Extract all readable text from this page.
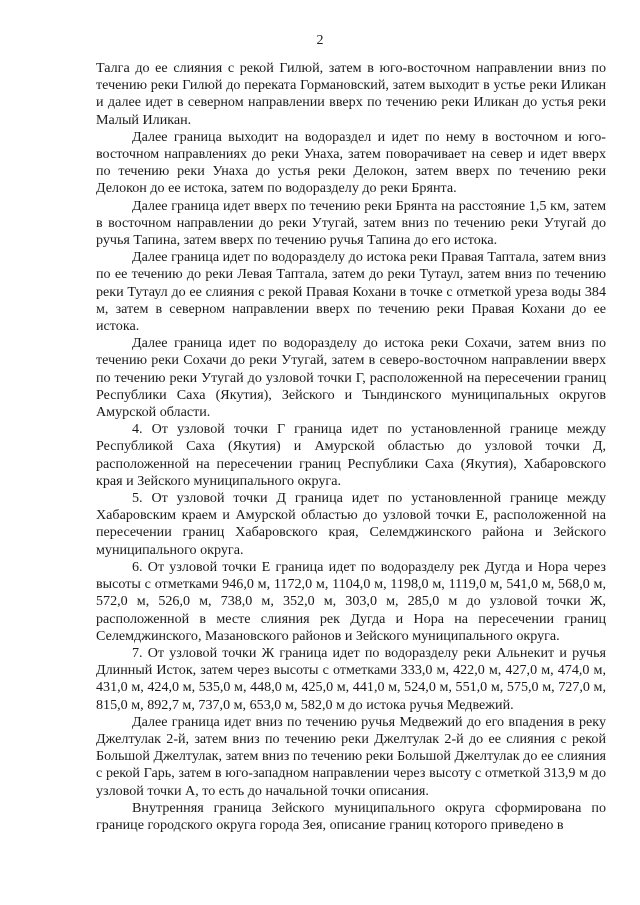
2

Талга до ее слияния с рекой Гилюй, затем в юго-восточном направлении вниз по течению реки Гилюй до переката Гормановский, затем выходит в устье реки Иликан и далее идет в северном направлении вверх по течению реки Иликан до устья реки Малый Иликан.

Далее граница выходит на водораздел и идет по нему в восточном и юго-восточном направлениях до реки Унаха, затем поворачивает на север и идет вверх по течению реки Унаха до устья реки Делокон, затем вверх по течению реки Делокон до ее истока, затем по водоразделу до реки Брянта.

Далее граница идет вверх по течению реки Брянта на расстояние 1,5 км, затем в восточном направлении до реки Утугай, затем вниз по течению реки Утугай до ручья Тапина, затем вверх по течению ручья Тапина до его истока.

Далее граница идет по водоразделу до истока реки Правая Таптала, затем вниз по ее течению до реки Левая Таптала, затем до реки Тутаул, затем вниз по течению реки Тутаул до ее слияния с рекой Правая Кохани в точке с отметкой уреза воды 384 м, затем в северном направлении вверх по течению реки Правая Кохани до ее истока.

Далее граница идет по водоразделу до истока реки Сохачи, затем вниз по течению реки Сохачи до реки Утугай, затем в северо-восточном направлении вверх по течению реки Утугай до узловой точки Г, расположенной на пересечении границ Республики Саха (Якутия), Зейского и Тындинского муниципальных округов Амурской области.

4. От узловой точки Г граница идет по установленной границе между Республикой Саха (Якутия) и Амурской областью до узловой точки Д, расположенной на пересечении границ Республики Саха (Якутия), Хабаровского края и Зейского муниципального округа.

5. От узловой точки Д граница идет по установленной границе между Хабаровским краем и Амурской областью до узловой точки Е, расположенной на пересечении границ Хабаровского края, Селемджинского района и Зейского муниципального округа.

6. От узловой точки Е граница идет по водоразделу рек Дугда и Нора через высоты с отметками 946,0 м, 1172,0 м, 1104,0 м, 1198,0 м, 1119,0 м, 541,0 м, 568,0 м, 572,0 м, 526,0 м, 738,0 м, 352,0 м, 303,0 м, 285,0 м до узловой точки Ж, расположенной в месте слияния рек Дугда и Нора на пересечении границ Селемджинского, Мазановского районов и Зейского муниципального округа.

7. От узловой точки Ж граница идет по водоразделу реки Альнекит и ручья Длинный Исток, затем через высоты с отметками 333,0 м, 422,0 м, 427,0 м, 474,0 м, 431,0 м, 424,0 м, 535,0 м, 448,0 м, 425,0 м, 441,0 м, 524,0 м, 551,0 м, 575,0 м, 727,0 м, 815,0 м, 892,7 м, 737,0 м, 653,0 м, 582,0 м до истока ручья Медвежий.

Далее граница идет вниз по течению ручья Медвежий до его впадения в реку Джелтулак 2-й, затем вниз по течению реки Джелтулак 2-й до ее слияния с рекой Большой Джелтулак, затем вниз по течению реки Большой Джелтулак до ее слияния с рекой Гарь, затем в юго-западном направлении через высоту с отметкой 313,9 м до узловой точки А, то есть до начальной точки описания.

Внутренняя граница Зейского муниципального округа сформирована по границе городского округа города Зея, описание границ которого приведено в
